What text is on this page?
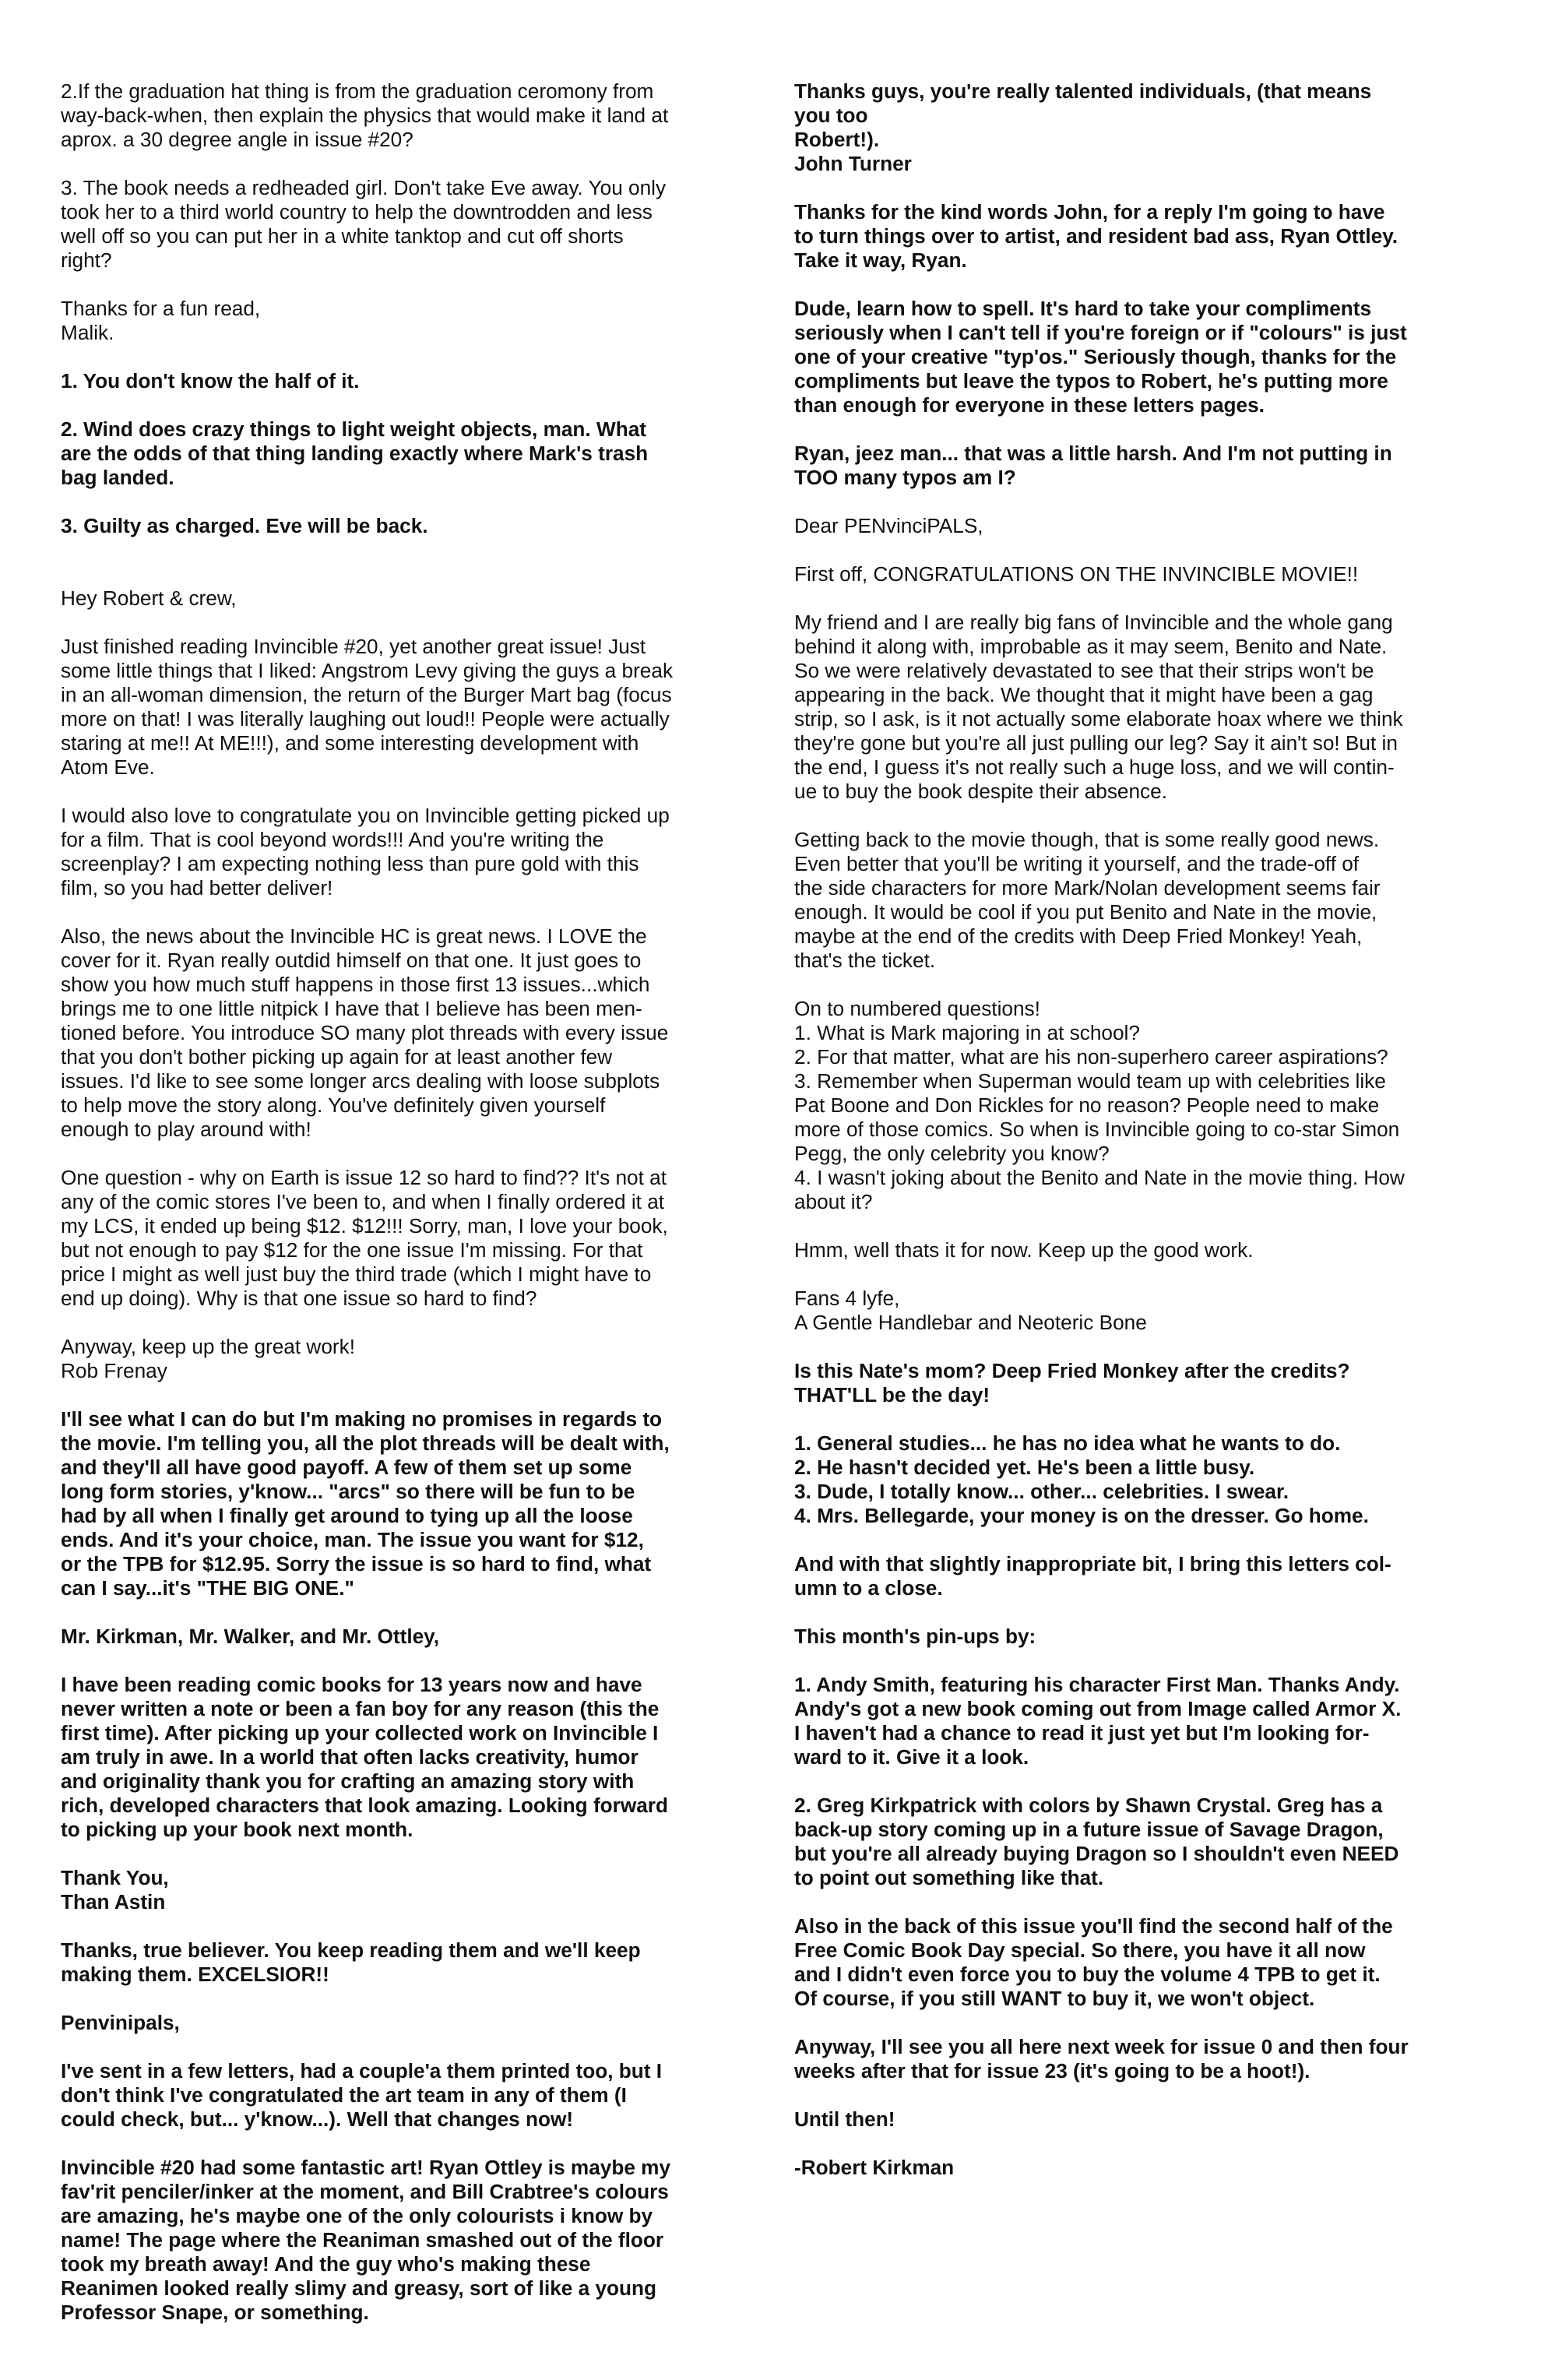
2.If the graduation hat thing is from the graduation ceromony from
way-back-when, then explain the physics that would make it land at
aprox. a 30 degree angle in issue #20?

3. The book needs a redheaded girl. Don't take Eve away. You only
took her to a third world country to help the downtrodden and less
well off so you can put her in a white tanktop and cut off shorts
right?

Thanks for a fun read,
Malik.

1. You don't know the half of it.

2. Wind does crazy things to light weight objects, man. What
are the odds of that thing landing exactly where Mark's trash
bag landed.

3. Guilty as charged. Eve will be back.

Hey Robert & crew,

Just finished reading Invincible #20, yet another great issue! Just
some little things that I liked: Angstrom Levy giving the guys a break
in an all-woman dimension, the return of the Burger Mart bag (focus
more on that! I was literally laughing out loud!! People were actually
staring at me!! At ME!!!), and some interesting development with
Atom Eve.

I would also love to congratulate you on Invincible getting picked up
for a film. That is cool beyond words!!! And you're writing the
screenplay? I am expecting nothing less than pure gold with this
film, so you had better deliver!

Also, the news about the Invincible HC is great news. I LOVE the
cover for it. Ryan really outdid himself on that one. It just goes to
show you how much stuff happens in those first 13 issues...which
brings me to one little nitpick I have that I believe has been men-
tioned before. You introduce SO many plot threads with every issue
that you don't bother picking up again for at least another few
issues. I'd like to see some longer arcs dealing with loose subplots
to help move the story along. You've definitely given yourself
enough to play around with!

One question - why on Earth is issue 12 so hard to find?? It's not at
any of the comic stores I've been to, and when I finally ordered it at
my LCS, it ended up being $12. $12!!! Sorry, man, I love your book,
but not enough to pay $12 for the one issue I'm missing. For that
price I might as well just buy the third trade (which I might have to
end up doing). Why is that one issue so hard to find?

Anyway, keep up the great work!
Rob Frenay

I'll see what I can do but I'm making no promises in regards to
the movie. I'm telling you, all the plot threads will be dealt with,
and they'll all have good payoff. A few of them set up some
long form stories, y'know... "arcs" so there will be fun to be
had by all when I finally get around to tying up all the loose
ends. And it's your choice, man. The issue you want for $12,
or the TPB for $12.95. Sorry the issue is so hard to find, what
can I say...it's "THE BIG ONE."

Mr. Kirkman, Mr. Walker, and Mr. Ottley,

I have been reading comic books for 13 years now and have
never written a note or been a fan boy for any reason (this the
first time). After picking up your collected work on Invincible I
am truly in awe. In a world that often lacks creativity, humor
and originality thank you for crafting an amazing story with
rich, developed characters that look amazing. Looking forward
to picking up your book next month.

Thank You,
Than Astin

Thanks, true believer. You keep reading them and we'll keep
making them. EXCELSIOR!!

Penvinipals,

I've sent in a few letters, had a couple'a them printed too, but I
don't think I've congratulated the art team in any of them (I
could check, but... y'know...). Well that changes now!

Invincible #20 had some fantastic art! Ryan Ottley is maybe my
fav'rit penciler/inker at the moment, and Bill Crabtree's colours
are amazing, he's maybe one of the only colourists i know by
name! The page where the Reaniman smashed out of the floor
took my breath away! And the guy who's making these
Reanimen looked really slimy and greasy, sort of like a young
Professor Snape, or something.

Thanks guys, you're really talented individuals, (that means
you too
Robert!).
John Turner

Thanks for the kind words John, for a reply I'm going to have
to turn things over to artist, and resident bad ass, Ryan Ottley.
Take it way, Ryan.

Dude, learn how to spell. It's hard to take your compliments
seriously when I can't tell if you're foreign or if "colours" is just
one of your creative "typ'os." Seriously though, thanks for the
compliments but leave the typos to Robert, he's putting more
than enough for everyone in these letters pages.

Ryan, jeez man... that was a little harsh. And I'm not putting in
TOO many typos am I?

Dear PENvinciPALS,

First off, CONGRATULATIONS ON THE INVINCIBLE MOVIE!!

My friend and I are really big fans of Invincible and the whole gang
behind it along with, improbable as it may seem, Benito and Nate.
So we were relatively devastated to see that their strips won't be
appearing in the back. We thought that it might have been a gag
strip, so I ask, is it not actually some elaborate hoax where we think
they're gone but you're all just pulling our leg? Say it ain't so! But in
the end, I guess it's not really such a huge loss, and we will contin-
ue to buy the book despite their absence.

Getting back to the movie though, that is some really good news.
Even better that you'll be writing it yourself, and the trade-off of
the side characters for more Mark/Nolan development seems fair
enough. It would be cool if you put Benito and Nate in the movie,
maybe at the end of the credits with Deep Fried Monkey! Yeah,
that's the ticket.

On to numbered questions!
1. What is Mark majoring in at school?
2. For that matter, what are his non-superhero career aspirations?
3. Remember when Superman would team up with celebrities like
Pat Boone and Don Rickles for no reason? People need to make
more of those comics. So when is Invincible going to co-star Simon
Pegg, the only celebrity you know?
4. I wasn't joking about the Benito and Nate in the movie thing. How
about it?

Hmm, well thats it for now. Keep up the good work.

Fans 4 lyfe,
A Gentle Handlebar and Neoteric Bone

Is this Nate's mom? Deep Fried Monkey after the credits?
THAT'LL be the day!

1. General studies... he has no idea what he wants to do.
2. He hasn't decided yet. He's been a little busy.
3. Dude, I totally know... other... celebrities. I swear.
4. Mrs. Bellegarde, your money is on the dresser. Go home.

And with that slightly inappropriate bit, I bring this letters col-
umn to a close.

This month's pin-ups by:

1. Andy Smith, featuring his character First Man. Thanks Andy.
Andy's got a new book coming out from Image called Armor X.
I haven't had a chance to read it just yet but I'm looking for-
ward to it. Give it a look.

2. Greg Kirkpatrick with colors by Shawn Crystal. Greg has a
back-up story coming up in a future issue of Savage Dragon,
but you're all already buying Dragon so I shouldn't even NEED
to point out something like that.

Also in the back of this issue you'll find the second half of the
Free Comic Book Day special. So there, you have it all now
and I didn't even force you to buy the volume 4 TPB to get it.
Of course, if you still WANT to buy it, we won't object.

Anyway, I'll see you all here next week for issue 0 and then four
weeks after that for issue 23 (it's going to be a hoot!).

Until then!

-Robert Kirkman
